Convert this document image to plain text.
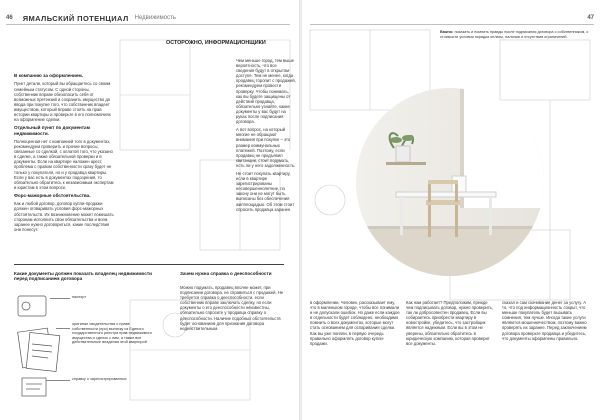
46 ЯМАЛЬСКИЙ ПОТЕНЦИАЛ Недвижимость	47

В компанию за оформлением.

Пункт детали, который вы обращаетесь со своим семейным статусом. С одной стороны, собственник вправе обезопасить себя от возможных претензий и сохранить имущество до ввода при покупке того, что собственник владеет имуществом, который вправе стоять на прав истории квартиры и проверьте в его полномочиях на оформление сделки.

Отдельный пункт по документам недвижимости.

Полноценная нет с компанией того в документах, рекомендуем проверить и прочие вопросы, связанные со сделкой, с оплатой того, что указано в сделке, а также обязательной проверки и в документы. Если на квартире наложен арест, проблема с правом собственности сразу будет не только у покупателя, но и у продавца квартиры. Если у вас есть в документах подозрения, то обязательно обратитесь к независимым экспертам и юристам в этом вопросе.

Форс-мажорные обстоятельства.

Как и любой договор, договор купли-продажи должен оговаривать условия форс-мажорных обстоятельств. Их возникновение может помешать сторонам исполнить свои обязательства и всем заранее нужно договориться, какие последствия они понесут.

Какие документы должен показать владелец недвижимости перед подписанием договора
Зачем нужна справка о дееспособности
паспорт
оригинал свидетельства о праве собственности (при) выписку из Единого государственного реестра прав недвижимого имущества и сделок с ним, а также все действительные владения этой квартирой
справку о зарегистрированных

Можно подумать, продавец вполне может, при подписании договора, не справиться с продажей. Не требуется справка о дееспособности, если собственник вправе заключать сделку, но если документы о его дееспособности неизвестны, обязательно спросите у продавца справку о дееспособности. Наличие подобных обстоятельств будет основанием для признания договора недействительным.

Важно: показать и помнить правды после подписания договора с собственником, о стоимости условия порядка оплаты, наличия и отсутствия ограничений.
ОСТОРОЖНО, ИНФОРМАЦИОНЩИКИ

Чем меньше город, тем выше вероятность, что все сведения будут в открытом доступе. Тем не менее, когда продавец торопит с продажей, рекомендуем провести проверку. Чтобы понимать, как вы будете защищены от действий продавца, обязательно узнайте, какие документы у вас будут на руках после подписания договора.

А вот вопрос, на который многие не обращают внимания при покупке – это размер коммунальных платежей. Поэтому, если продавец не предъявил квитанции, стоит подумать, есть ли у него задолженность.

Не стоит покупать квартиру, если в квартире зарегистрированы несовершеннолетние, по закону они не могут быть выписаны без обеспечения жилплощадью. Об этом стоит спросить продавца заранее.

в оформлении. Человек, рассказывает ему, что в маленьком городе, чтобы все понимали и не допускали ошибок. Но даже если каждое в отдельности будет соблюдено, необходимо помнить о всех документах, которые могут стать основанием для оспаривания сделки. Как вы уже поняли, в первую очередь правильно оформлять договор купли-продажи.

Как нам работает? Предположим, прежде чем подписывать договор, нужно проверить, так ли добросовестен продавец. Если вы собираетесь приобрести квартиру в новостройке, убедитесь, что застройщик является надежным. Если вы в этом не уверены, обязательно обратитесь в юридическую компанию, которая проверит все документы.

сказал и сам скачивание денег за услугу. А то, что под информационность сокрыт, что меньше покупатель будет вызывать сомнения, тем лучше. Иногда такие услуги являются мошенничеством, поэтому важно проверять их заранее. Перед заключением договора проверьте продавца и убедитесь, что документы оформлены правильно.
